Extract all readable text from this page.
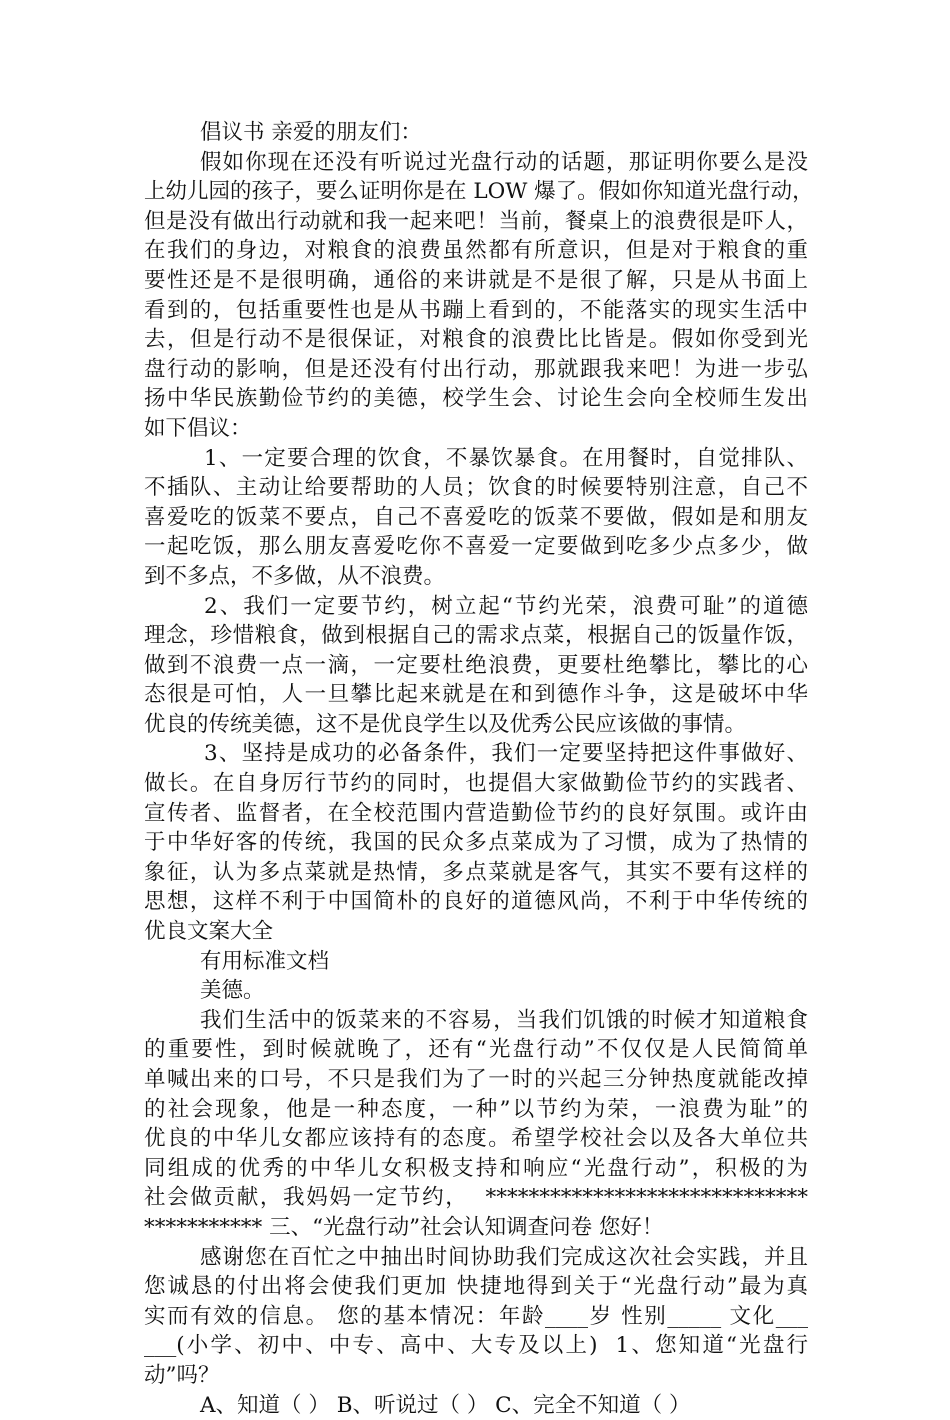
倡议书 亲爱的朋友们：
假如你现在还没有听说过光盘行动的话题，那证明你要么是没
上幼儿园的孩子，要么证明你是在 LOW 爆了。假如你知道光盘行动，
但是没有做出行动就和我一起来吧！当前，餐桌上的浪费很是吓人，
在我们的身边，对粮食的浪费虽然都有所意识，但是对于粮食的重
要性还是不是很明确，通俗的来讲就是不是很了解，只是从书面上
看到的，包括重要性也是从书蹦上看到的，不能落实的现实生活中
去，但是行动不是很保证，对粮食的浪费比比皆是。假如你受到光
盘行动的影响，但是还没有付出行动，那就跟我来吧！为进一步弘
扬中华民族勤俭节约的美德，校学生会、讨论生会向全校师生发出
如下倡议：
1、一定要合理的饮食，不暴饮暴食。在用餐时，自觉排队、
不插队、主动让给要帮助的人员；饮食的时候要特别注意，自己不
喜爱吃的饭菜不要点，自己不喜爱吃的饭菜不要做，假如是和朋友
一起吃饭，那么朋友喜爱吃你不喜爱一定要做到吃多少点多少，做
到不多点，不多做，从不浪费。
2、我们一定要节约，树立起“节约光荣，浪费可耻”的道德
理念，珍惜粮食，做到根据自己的需求点菜，根据自己的饭量作饭，
做到不浪费一点一滴，一定要杜绝浪费，更要杜绝攀比，攀比的心
态很是可怕，人一旦攀比起来就是在和到德作斗争，这是破坏中华
优良的传统美德，这不是优良学生以及优秀公民应该做的事情。
3、坚持是成功的必备条件，我们一定要坚持把这件事做好、
做长。在自身厉行节约的同时，也提倡大家做勤俭节约的实践者、
宣传者、监督者，在全校范围内营造勤俭节约的良好氛围。或许由
于中华好客的传统，我国的民众多点菜成为了习惯，成为了热情的
象征，认为多点菜就是热情，多点菜就是客气，其实不要有这样的
思想，这样不利于中国简朴的良好的道德风尚，不利于中华传统的
优良文案大全
有用标准文档
美德。
我们生活中的饭菜来的不容易，当我们饥饿的时候才知道粮食
的重要性，到时候就晚了，还有“光盘行动”不仅仅是人民简简单
单喊出来的口号，不只是我们为了一时的兴起三分钟热度就能改掉
的社会现象，他是一种态度，一种”以节约为荣，一浪费为耻”的
优良的中华儿女都应该持有的态度。希望学校社会以及各大单位共
同组成的优秀的中华儿女积极支持和响应“光盘行动”，积极的为
社会做贡献，我妈妈一定节约，  ******************************
*********** 三、“光盘行动”社会认知调查问卷 您好！
感谢您在百忙之中抽出时间协助我们完成这次社会实践，并且
您诚恳的付出将会使我们更加 快捷地得到关于“光盘行动”最为真
实而有效的信息。 您的基本情况：年龄____岁 性别_____ 文化___
___(小学、初中、中专、高中、大专及以上)  1、您知道“光盘行
动”吗？
A、知道（ ） B、听说过（ ） C、完全不知道（ ）
